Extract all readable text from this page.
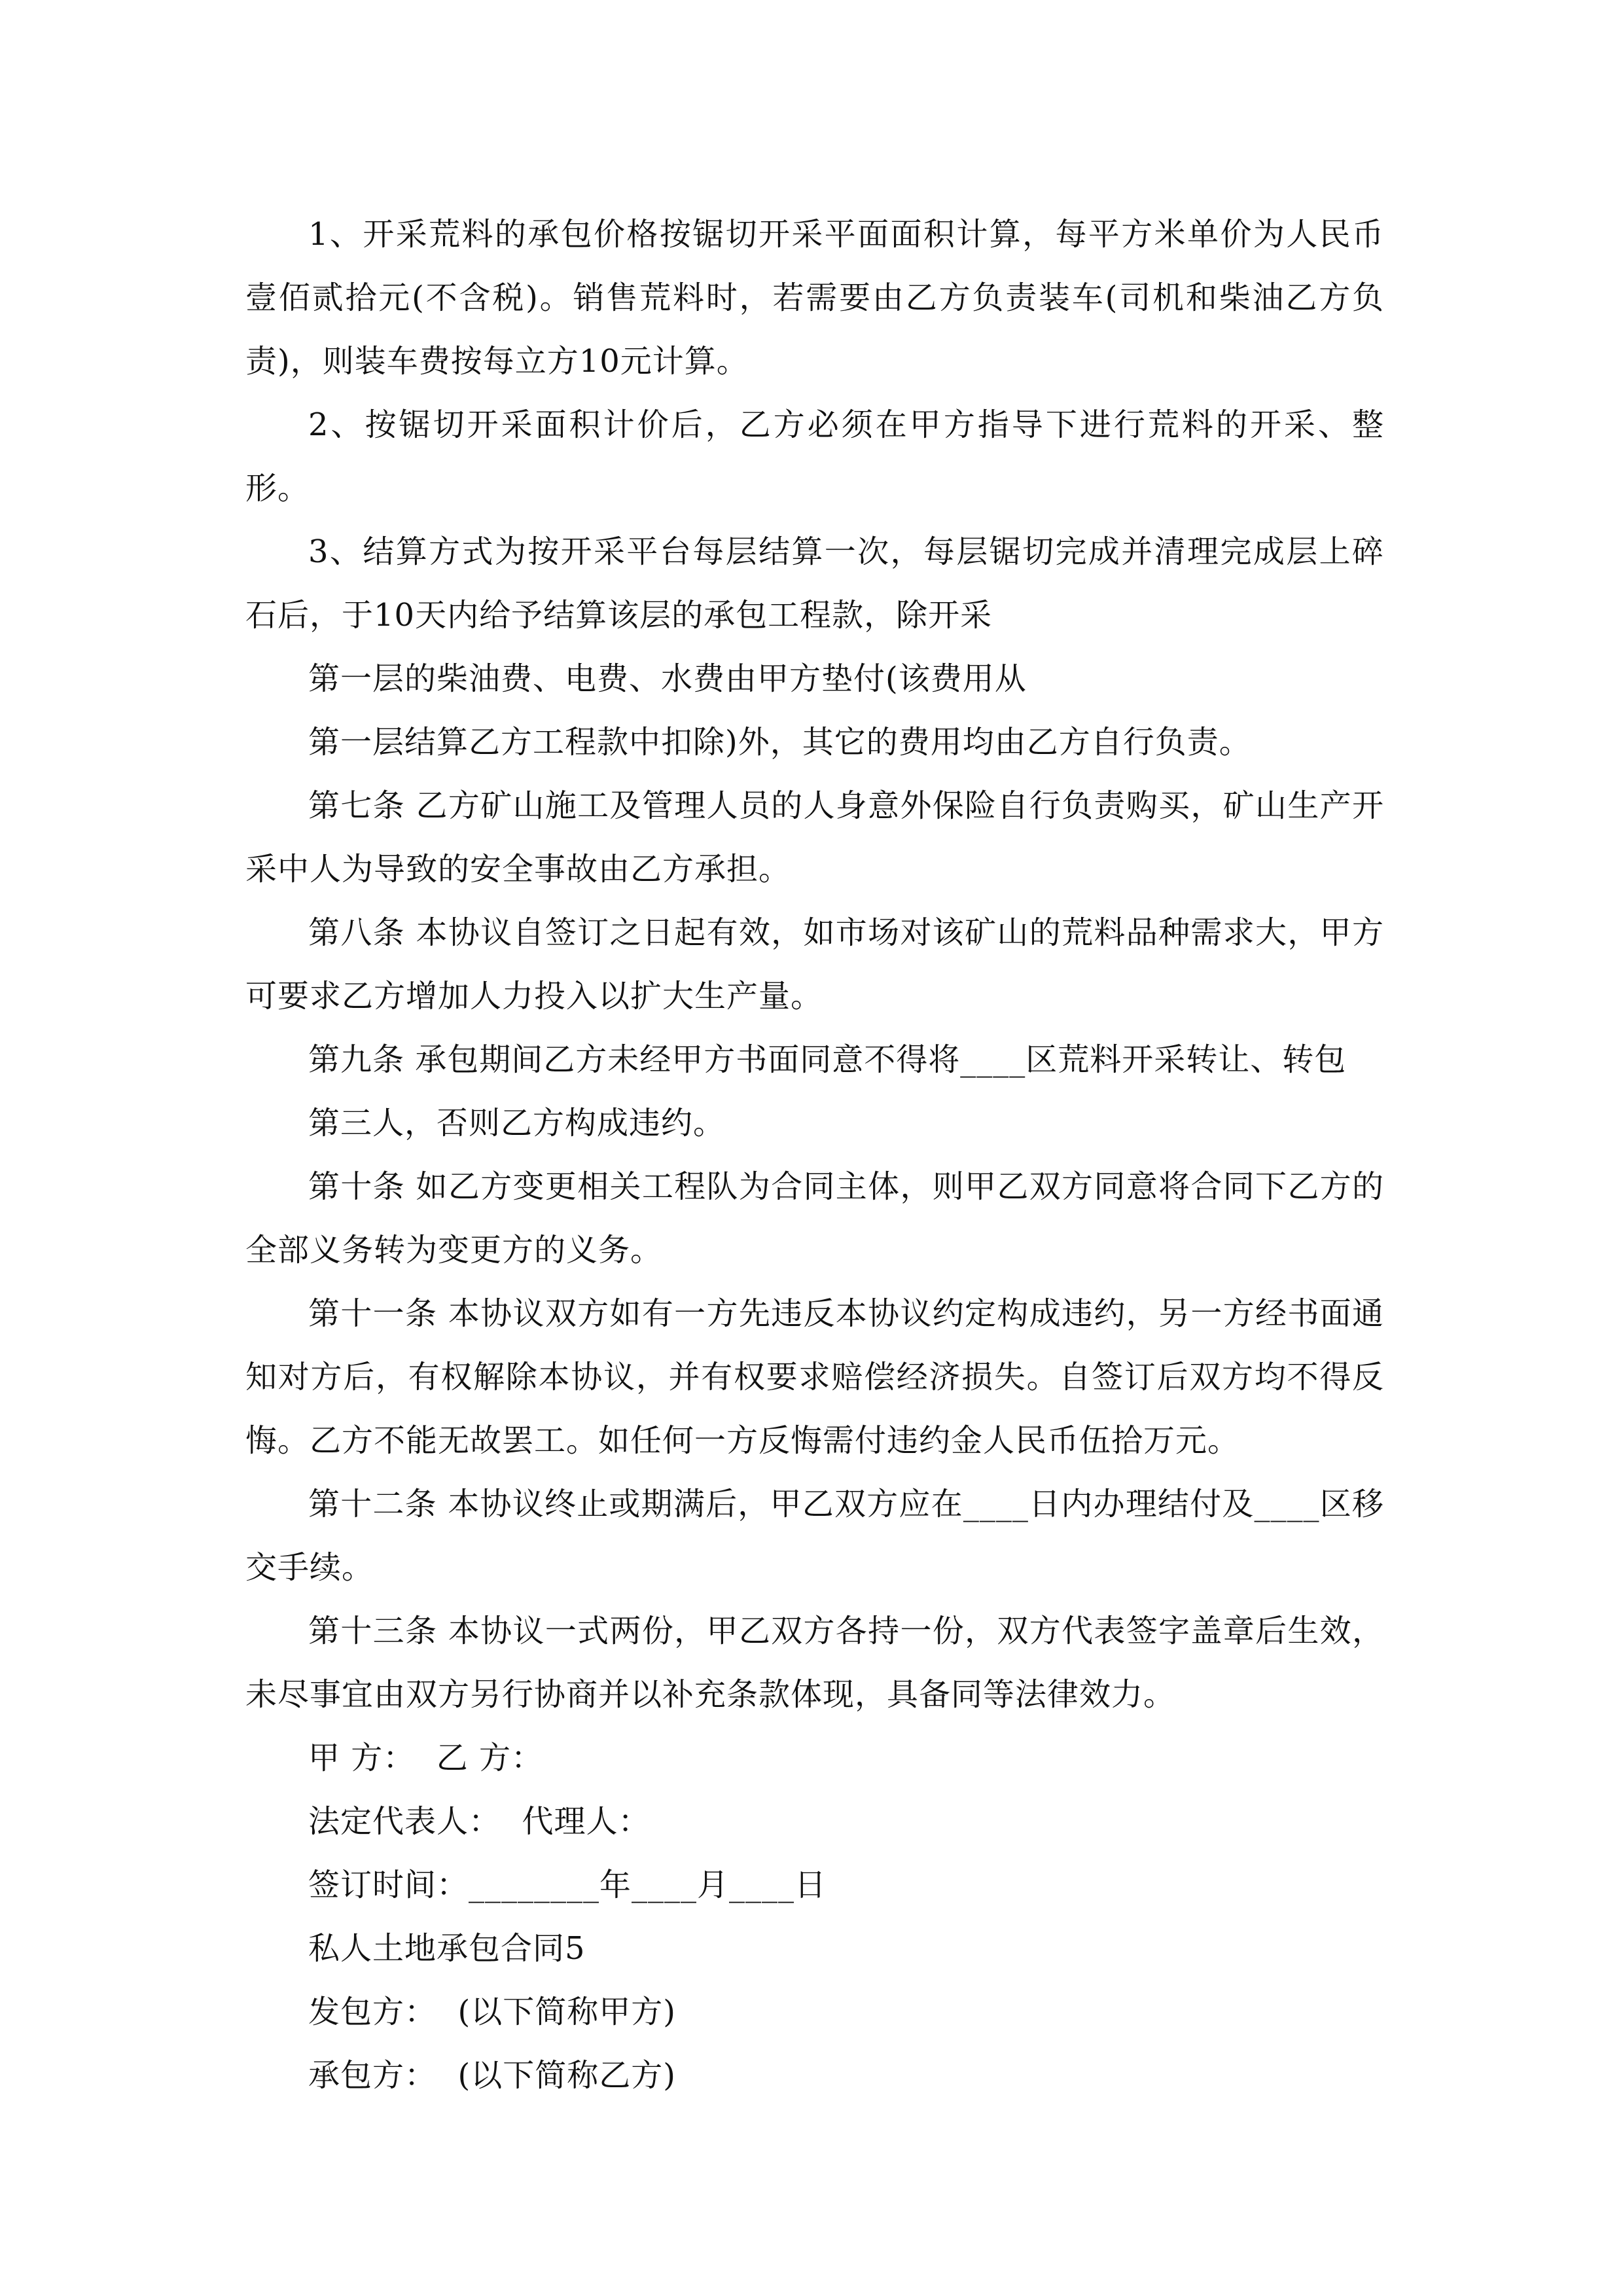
1、开采荒料的承包价格按锯切开采平面面积计算，每平方米单价为人民币壹佰贰拾元(不含税)。销售荒料时，若需要由乙方负责装车(司机和柴油乙方负责)，则装车费按每立方10元计算。

2、按锯切开采面积计价后，乙方必须在甲方指导下进行荒料的开采、整形。

3、结算方式为按开采平台每层结算一次，每层锯切完成并清理完成层上碎石后，于10天内给予结算该层的承包工程款，除开采

第一层的柴油费、电费、水费由甲方垫付(该费用从

第一层结算乙方工程款中扣除)外，其它的费用均由乙方自行负责。

第七条 乙方矿山施工及管理人员的人身意外保险自行负责购买，矿山生产开采中人为导致的安全事故由乙方承担。

第八条 本协议自签订之日起有效，如市场对该矿山的荒料品种需求大，甲方可要求乙方增加人力投入以扩大生产量。

第九条 承包期间乙方未经甲方书面同意不得将____区荒料开采转让、转包

第三人，否则乙方构成违约。

第十条 如乙方变更相关工程队为合同主体，则甲乙双方同意将合同下乙方的全部义务转为变更方的义务。

第十一条 本协议双方如有一方先违反本协议约定构成违约，另一方经书面通知对方后，有权解除本协议，并有权要求赔偿经济损失。自签订后双方均不得反悔。乙方不能无故罢工。如任何一方反悔需付违约金人民币伍拾万元。

第十二条 本协议终止或期满后，甲乙双方应在____日内办理结付及____区移交手续。

第十三条 本协议一式两份，甲乙双方各持一份，双方代表签字盖章后生效，未尽事宜由双方另行协商并以补充条款体现，具备同等法律效力。

甲 方：  乙 方：

法定代表人：  代理人：

签订时间：________年____月____日

私人土地承包合同5

发包方：  (以下简称甲方)

承包方：  (以下简称乙方)
